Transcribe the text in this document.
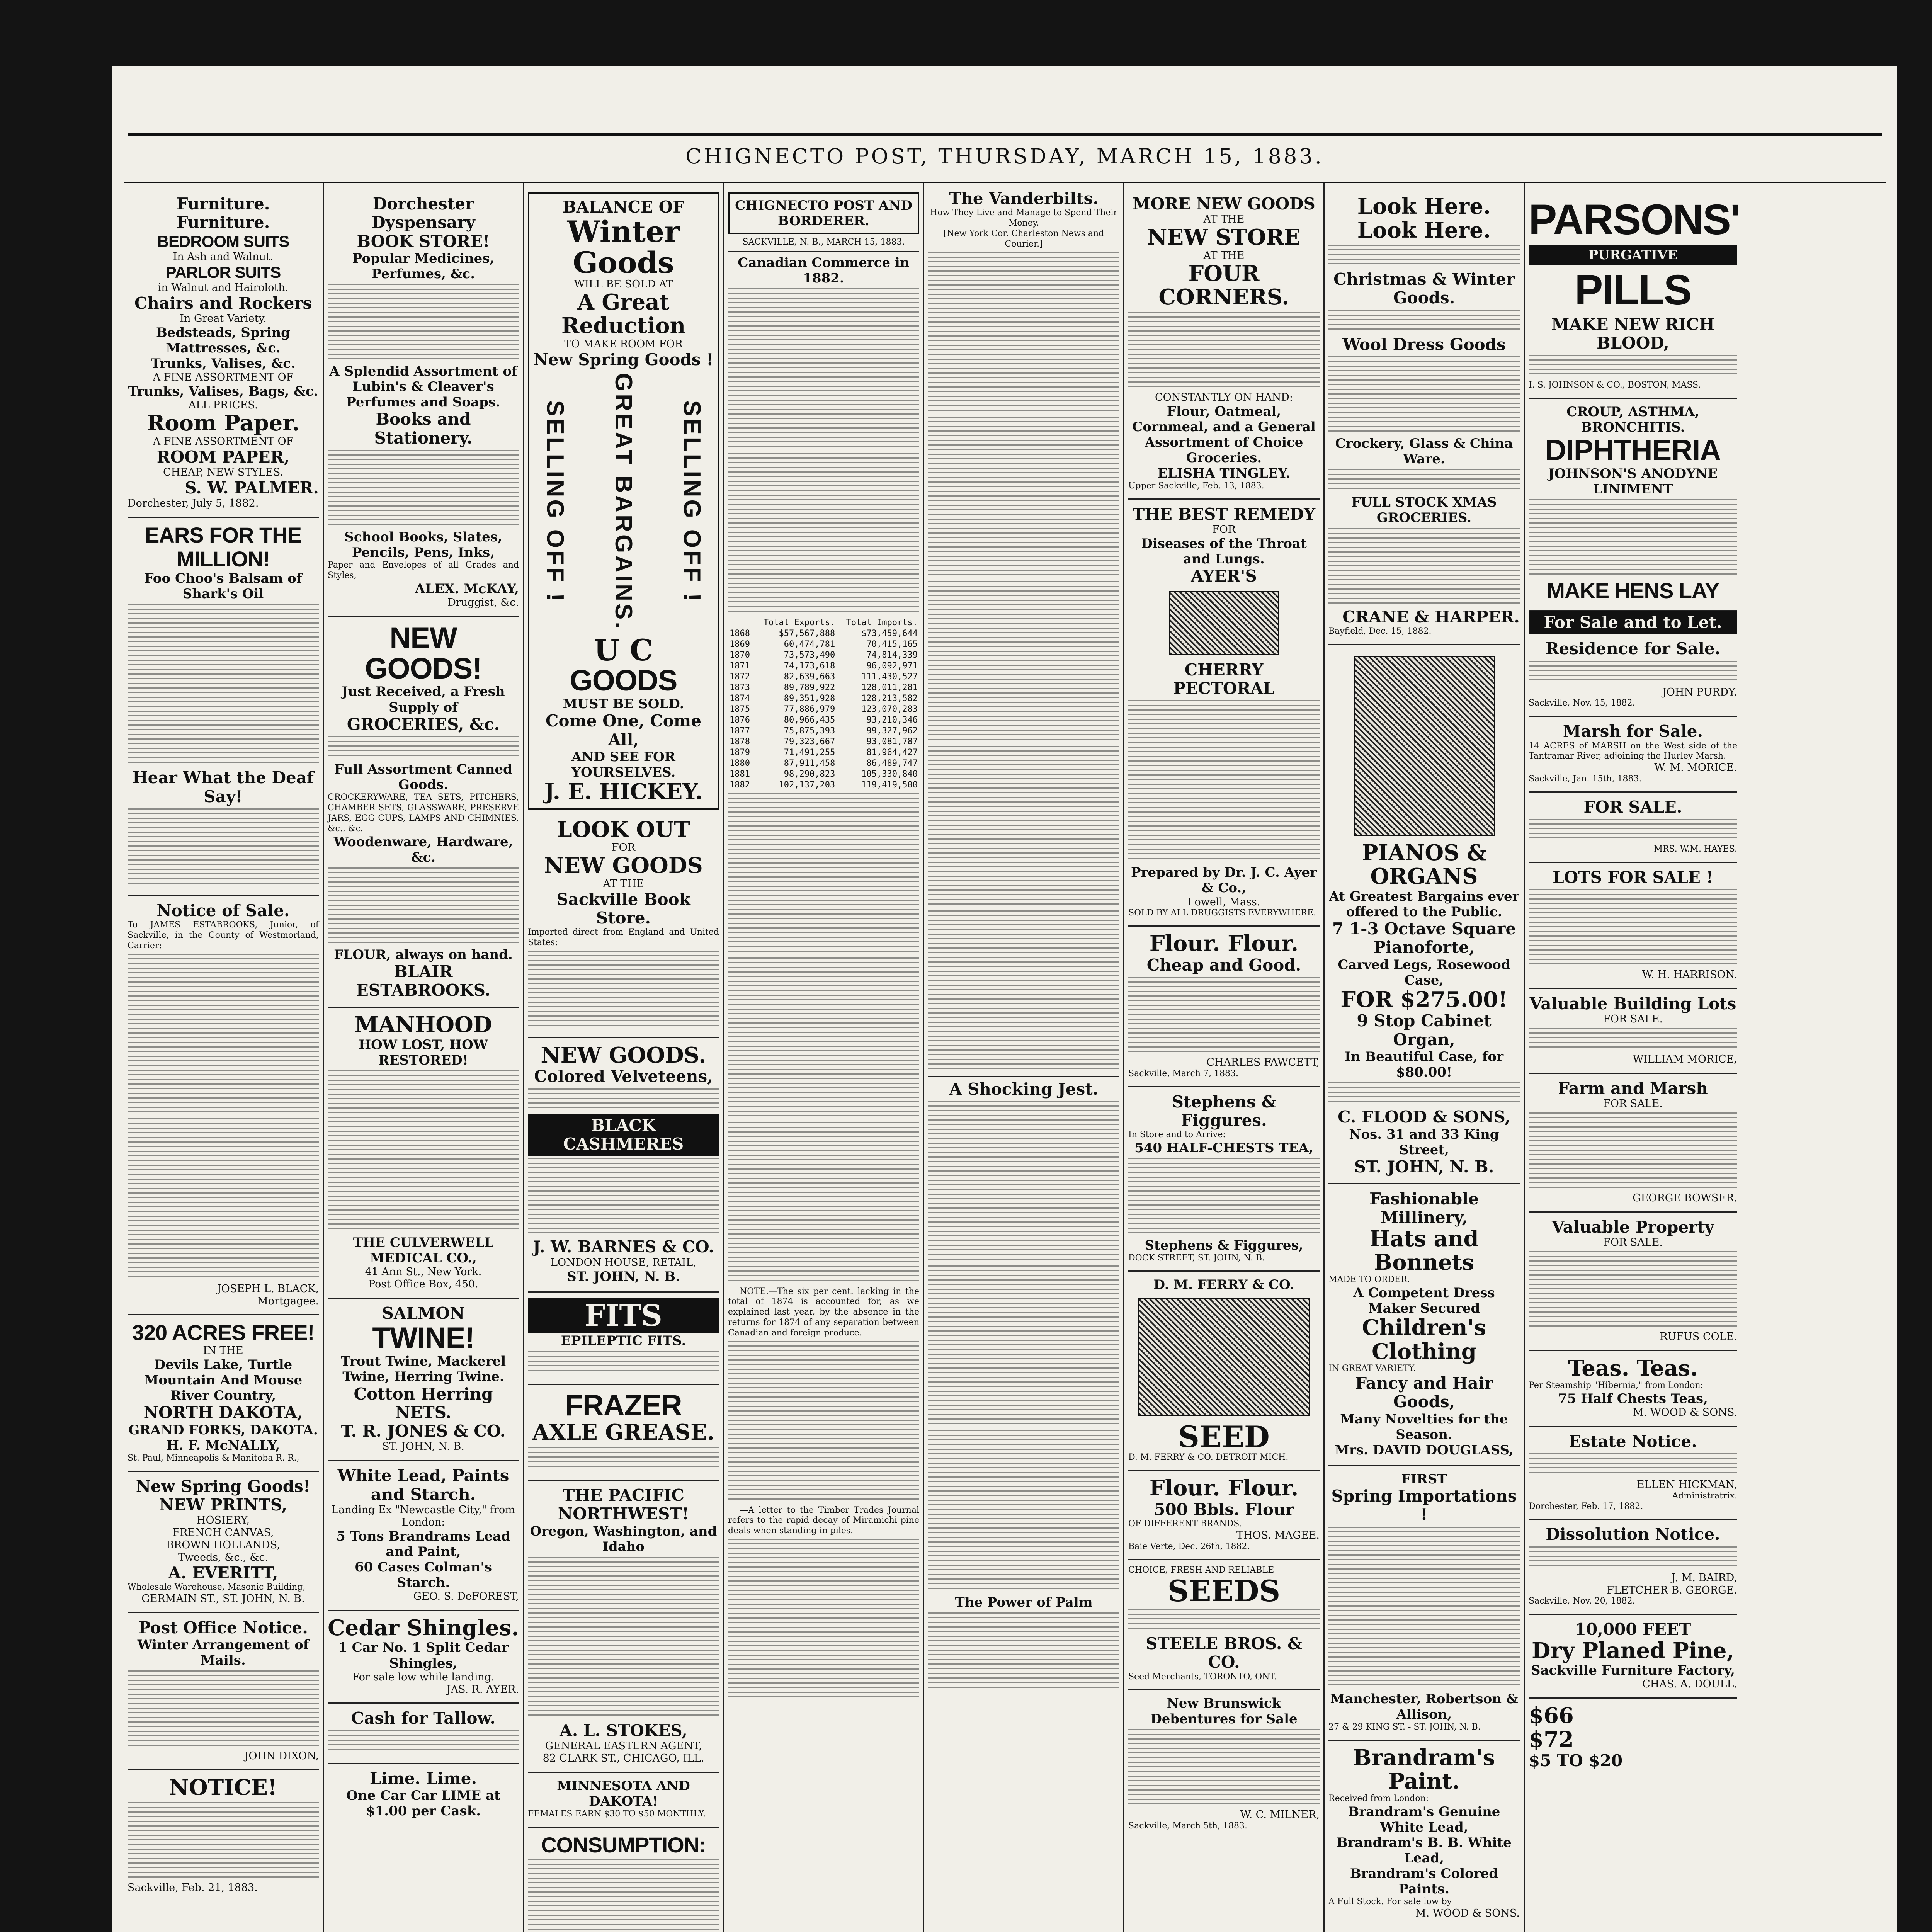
CHIGNECTO POST, THURSDAY, MARCH 15, 1883.
Furniture. Furniture.
BEDROOM SUITS
In Ash and Walnut.
PARLOR SUITS
in Walnut and Hairoloth.
Chairs and Rockers
In Great Variety.
Bedsteads, Spring Mattresses, &c.
Trunks, Valises, &c.
A FINE ASSORTMENT OF
Trunks, Valises, Bags, &c.
ALL PRICES.
Room Paper.
A FINE ASSORTMENT OF
ROOM PAPER,
CHEAP, NEW STYLES.
S. W. PALMER.
Dorchester, July 5, 1882.
EARS FOR THE MILLION!
Foo Choo's Balsam of Shark's Oil
Hear What the Deaf Say!
Notice of Sale.
To JAMES ESTABROOKS, Junior, of Sackville, in the County of Westmorland, Carrier:
JOSEPH L. BLACK,
Mortgagee.
320 ACRES FREE!
IN THE
Devils Lake, Turtle Mountain And Mouse River Country,
NORTH DAKOTA,
GRAND FORKS, DAKOTA.
H. F. McNALLY,
St. Paul, Minneapolis & Manitoba R. R.,
New Spring Goods!
NEW PRINTS,
HOSIERY,
FRENCH CANVAS,
BROWN HOLLANDS,
Tweeds, &c., &c.
A. EVERITT,
Wholesale Warehouse, Masonic Building,
GERMAIN ST., ST. JOHN, N. B.
Post Office Notice.
Winter Arrangement of Mails.
JOHN DIXON,
NOTICE!
Sackville, Feb. 21, 1883.
Dorchester Dyspensary
BOOK STORE!
Popular Medicines, Perfumes, &c.
A Splendid Assortment of Lubin's & Cleaver's Perfumes and Soaps.
Books and Stationery.
School Books, Slates, Pencils, Pens, Inks,
Paper and Envelopes of all Grades and Styles,
ALEX. McKAY,
Druggist, &c.
NEW GOODS!
Just Received, a Fresh Supply of
GROCERIES, &c.
Full Assortment Canned Goods.
CROCKERYWARE, TEA SETS, PITCHERS, CHAMBER SETS, GLASSWARE, PRESERVE JARS, EGG CUPS, LAMPS AND CHIMNIES, &c., &c.
Woodenware, Hardware, &c.
FLOUR, always on hand.
BLAIR ESTABROOKS.
MANHOOD
HOW LOST, HOW RESTORED!
THE CULVERWELL MEDICAL CO.,
41 Ann St., New York.
Post Office Box, 450.
SALMON
TWINE!
Trout Twine, Mackerel Twine, Herring Twine.
Cotton Herring NETS.
T. R. JONES & CO.
ST. JOHN, N. B.
White Lead, Paints and Starch.
Landing Ex "Newcastle City," from London:
5 Tons Brandrams Lead and Paint,
60 Cases Colman's Starch.
GEO. S. DeFOREST,
Cedar Shingles.
1 Car No. 1 Split Cedar Shingles,
For sale low while landing.
JAS. R. AYER.
Cash for Tallow.
Lime. Lime.
One Car Car LIME at $1.00 per Cask.
BALANCE OF
Winter Goods
WILL BE SOLD AT
A Great Reduction
TO MAKE ROOM FOR
New Spring Goods !
SELLING OFF ! GREAT BARGAINS. SELLING OFF !
U C
GOODS
MUST BE SOLD.
Come One, Come All,
AND SEE FOR YOURSELVES.
J. E. HICKEY.
LOOK OUT
FOR
NEW GOODS
AT THE
Sackville Book Store.
Imported direct from England and United States:
NEW GOODS.
Colored Velveteens,
BLACK CASHMERES
J. W. BARNES & CO.
LONDON HOUSE, RETAIL,
ST. JOHN, N. B.
FITS
EPILEPTIC FITS.
FRAZER
AXLE GREASE.
THE PACIFIC NORTHWEST!
Oregon, Washington, and Idaho
A. L. STOKES,
GENERAL EASTERN AGENT,
82 CLARK ST., CHICAGO, ILL.
MINNESOTA AND DAKOTA!
FEMALES EARN $30 TO $50 MONTHLY.
CONSUMPTION:
CHIGNECTO POST AND BORDERER.
SACKVILLE, N. B., MARCH 15, 1883.
Canadian Commerce in 1882.
	Total Exports.	Total Imports.
1868	$57,567,888	$73,459,644
1869	60,474,781	70,415,165
1870	73,573,490	74,814,339
1871	74,173,618	96,092,971
1872	82,639,663	111,430,527
1873	89,789,922	128,011,281
1874	89,351,928	128,213,582
1875	77,886,979	123,070,283
1876	80,966,435	93,210,346
1877	75,875,393	99,327,962
1878	79,323,667	93,081,787
1879	71,491,255	81,964,427
1880	87,911,458	86,489,747
1881	98,290,823	105,330,840
1882	102,137,203	119,419,500
NOTE.—The six per cent. lacking in the total of 1874 is accounted for, as we explained last year, by the absence in the returns for 1874 of any separation between Canadian and foreign produce.
—A letter to the Timber Trades Journal refers to the rapid decay of Miramichi pine deals when standing in piles.
The Vanderbilts.
How They Live and Manage to Spend Their Money.
[New York Cor. Charleston News and Courier.]
A Shocking Jest.
The Power of Palm
MORE NEW GOODS
AT THE
NEW STORE
AT THE
FOUR CORNERS.
CONSTANTLY ON HAND:
Flour, Oatmeal, Cornmeal, and a General Assortment of Choice Groceries.
ELISHA TINGLEY.
Upper Sackville, Feb. 13, 1883.
THE BEST REMEDY
FOR
Diseases of the Throat and Lungs.
AYER'S
CHERRY
PECTORAL
Prepared by Dr. J. C. Ayer & Co.,
Lowell, Mass.
SOLD BY ALL DRUGGISTS EVERYWHERE.
Flour. Flour.
Cheap and Good.
CHARLES FAWCETT,
Sackville, March 7, 1883.
Stephens & Figgures.
In Store and to Arrive:
540 HALF-CHESTS TEA,
Stephens & Figgures,
DOCK STREET, ST. JOHN, N. B.
D. M. FERRY & CO.
SEED
D. M. FERRY & CO. DETROIT MICH.
Flour. Flour.
500 Bbls. Flour
OF DIFFERENT BRANDS.
THOS. MAGEE.
Baie Verte, Dec. 26th, 1882.
CHOICE, FRESH AND RELIABLE
SEEDS
STEELE BROS. & CO.
Seed Merchants, TORONTO, ONT.
New Brunswick Debentures for Sale
W. C. MILNER,
Sackville, March 5th, 1883.
Look Here. Look Here.
Christmas & Winter Goods.
Wool Dress Goods
Crockery, Glass & China Ware.
FULL STOCK XMAS GROCERIES.
CRANE & HARPER.
Bayfield, Dec. 15, 1882.
PIANOS & ORGANS
At Greatest Bargains ever offered to the Public.
7 1-3 Octave Square Pianoforte,
Carved Legs, Rosewood Case,
FOR $275.00!
9 Stop Cabinet Organ,
In Beautiful Case, for $80.00!
C. FLOOD & SONS,
Nos. 31 and 33 King Street,
ST. JOHN, N. B.
Fashionable Millinery,
Hats and Bonnets
MADE TO ORDER.
A Competent Dress Maker Secured
Children's Clothing
IN GREAT VARIETY.
Fancy and Hair Goods,
Many Novelties for the Season.
Mrs. DAVID DOUGLASS,
FIRST
Spring Importations !
Manchester, Robertson & Allison,
27 & 29 KING ST. - ST. JOHN, N. B.
Brandram's Paint.
Received from London:
Brandram's Genuine White Lead,
Brandram's B. B. White Lead,
Brandram's Colored Paints.
A Full Stock. For sale low by
M. WOOD & SONS.
PARSONS'
PURGATIVE
PILLS
MAKE NEW RICH BLOOD,
I. S. JOHNSON & CO., BOSTON, MASS.
CROUP, ASTHMA, BRONCHITIS.
DIPHTHERIA
JOHNSON'S ANODYNE LINIMENT
MAKE HENS LAY
For Sale and to Let.
Residence for Sale.
JOHN PURDY.
Sackville, Nov. 15, 1882.
Marsh for Sale.
14 ACRES of MARSH on the West side of the Tantramar River, adjoining the Hurley Marsh.
W. M. MORICE.
Sackville, Jan. 15th, 1883.
FOR SALE.
MRS. W.M. HAYES.
LOTS FOR SALE !
W. H. HARRISON.
Valuable Building Lots
FOR SALE.
WILLIAM MORICE,
Farm and Marsh
FOR SALE.
GEORGE BOWSER.
Valuable Property
FOR SALE.
RUFUS COLE.
Teas. Teas.
Per Steamship "Hibernia," from London:
75 Half Chests Teas,
M. WOOD & SONS.
Estate Notice.
ELLEN HICKMAN,
Administratrix.
Dorchester, Feb. 17, 1882.
Dissolution Notice.
J. M. BAIRD,
FLETCHER B. GEORGE.
Sackville, Nov. 20, 1882.
10,000 FEET
Dry Planed Pine,
Sackville Furniture Factory,
CHAS. A. DOULL.
$66
$72
$5 TO $20
